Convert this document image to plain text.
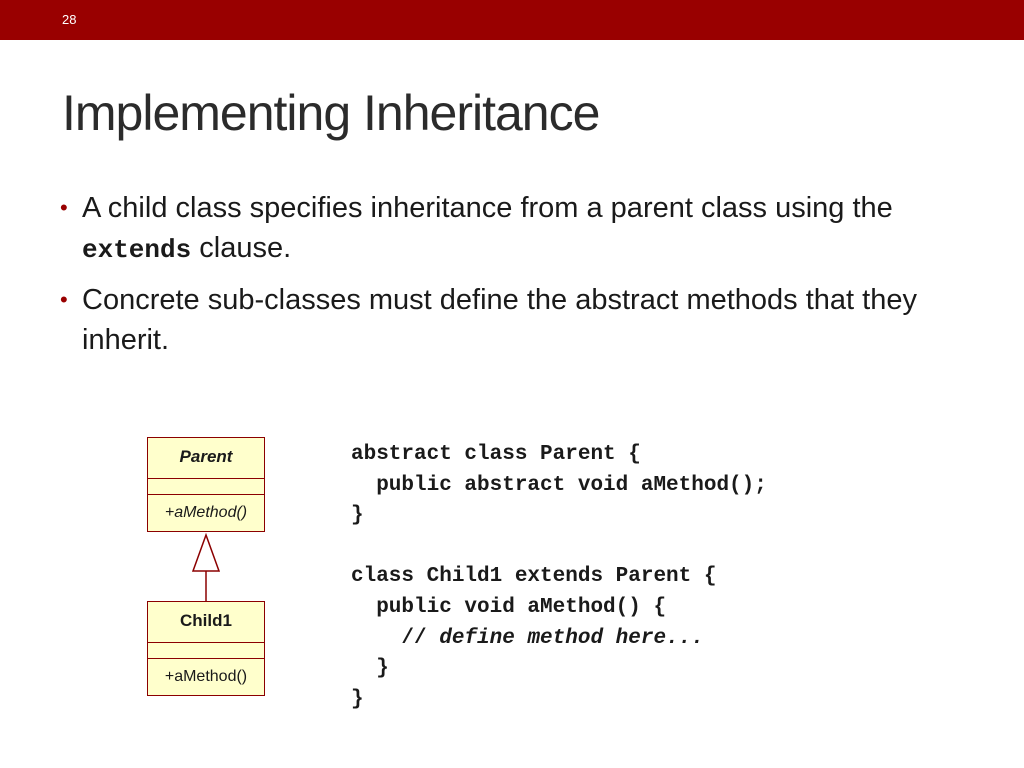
28
Implementing Inheritance
• A child class specifies inheritance from a parent class using the extends clause.
• Concrete sub-classes must define the abstract methods that they inherit.
Parent
+aMethod()
Child1
+aMethod()
abstract class Parent {
public abstract void aMethod();
}
class Child1 extends Parent {
public void aMethod() {
// define method here...
}
}
